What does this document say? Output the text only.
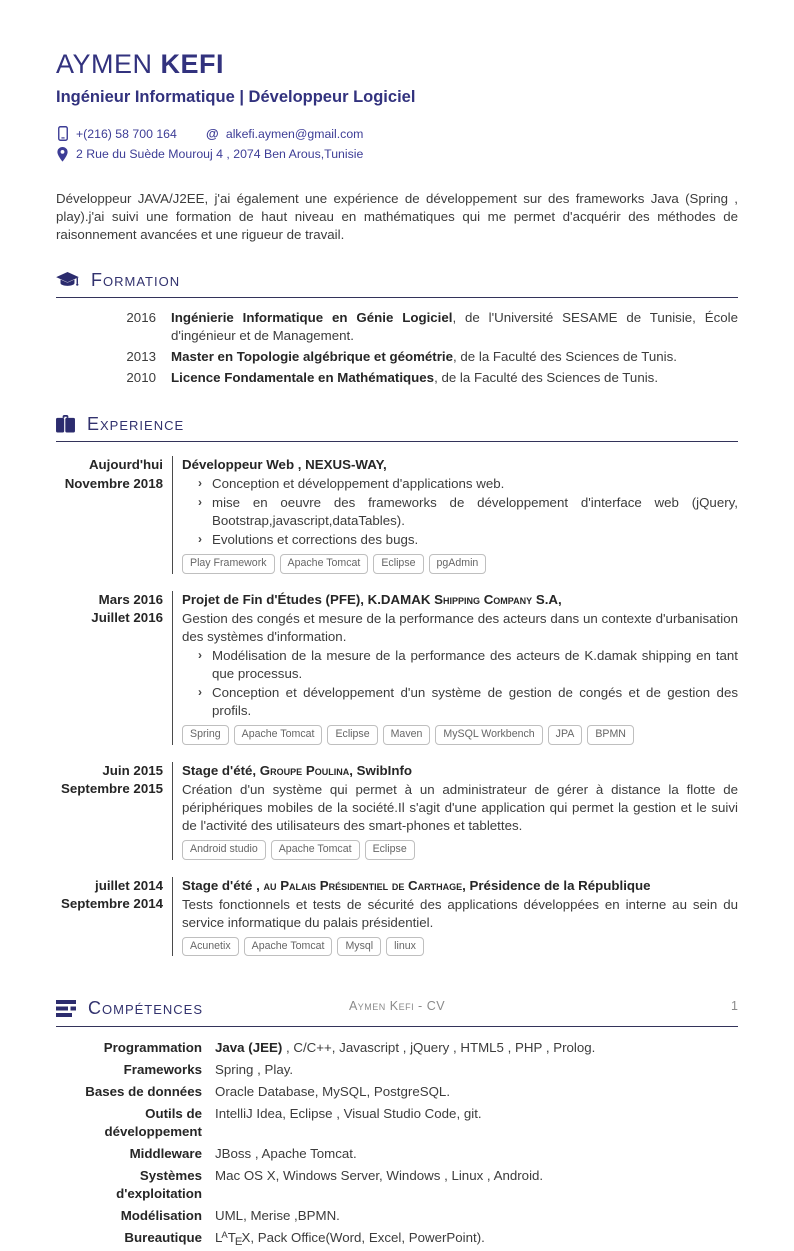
AYMEN KEFI
Ingénieur Informatique | Développeur Logiciel
+(216) 58 700 164 @ alkefi.aymen@gmail.com
2 Rue du Suède Mourouj 4 , 2074 Ben Arous,Tunisie

Développeur JAVA/J2EE, j'ai également une expérience de développement sur des frameworks Java (Spring , play).j'ai suivi une formation de haut niveau en mathématiques qui me permet d'acquérir des méthodes de raisonnement avancées et une rigueur de travail.

Formation
2016 Ingénierie Informatique en Génie Logiciel, de l'Université SESAME de Tunisie, École d'ingénieur et de Management.
2013 Master en Topologie algébrique et géométrie, de la Faculté des Sciences de Tunis.
2010 Licence Fondamentale en Mathématiques, de la Faculté des Sciences de Tunis.
Experience
Aujourd'hui
Novembre 2018
Développeur Web , NEXUS-WAY,
› Conception et développement d'applications web.
› mise en oeuvre des frameworks de développement d'interface web (jQuery, Bootstrap,javascript,dataTables).
› Evolutions et corrections des bugs.
Play Framework	Apache Tomcat	Eclipse	pgAdmin
Mars 2016
Juillet 2016
Projet de Fin d'Études (PFE), K.DAMAK Shipping Company S.A,
Gestion des congés et mesure de la performance des acteurs dans un contexte d'urbanisation des systèmes d'information.
› Modélisation de la mesure de la performance des acteurs de K.damak shipping en tant que processus.
› Conception et développement d'un système de gestion de congés et de gestion des profils.
Spring	Apache Tomcat	Eclipse	Maven	MySQL Workbench	JPA	BPMN
Juin 2015
Septembre 2015
Stage d'été, Groupe Poulina, SwibInfo
Création d'un système qui permet à un administrateur de gérer à distance la flotte de périphériques mobiles de la société.Il s'agit d'une application qui permet la gestion et le suivi de l'activité des utilisateurs des smart-phones et tablettes.
Android studio	Apache Tomcat	Eclipse
juillet 2014
Septembre 2014
Stage d'été , au Palais Présidentiel de Carthage, Présidence de la République
Tests fonctionnels et tests de sécurité des applications développées en interne au sein du service informatique du palais présidentiel.
Acunetix	Apache Tomcat	Mysql	linux
Compétences
Programmation Java (JEE) , C/C++, Javascript , jQuery , HTML5 , PHP , Prolog.
Frameworks Spring , Play.
Bases de données Oracle Database, MySQL, PostgreSQL.
Outils de développement
IntelliJ Idea, Eclipse , Visual Studio Code, git.
Middleware JBoss , Apache Tomcat.
Systèmes d'exploitation
Mac OS X, Windows Server, Windows , Linux , Android.
Modélisation UML, Merise ,BPMN.
Bureautique $L^AT_EX$, Pack Office(Word, Excel, PowerPoint).
Aymen Kefi - CV	1
